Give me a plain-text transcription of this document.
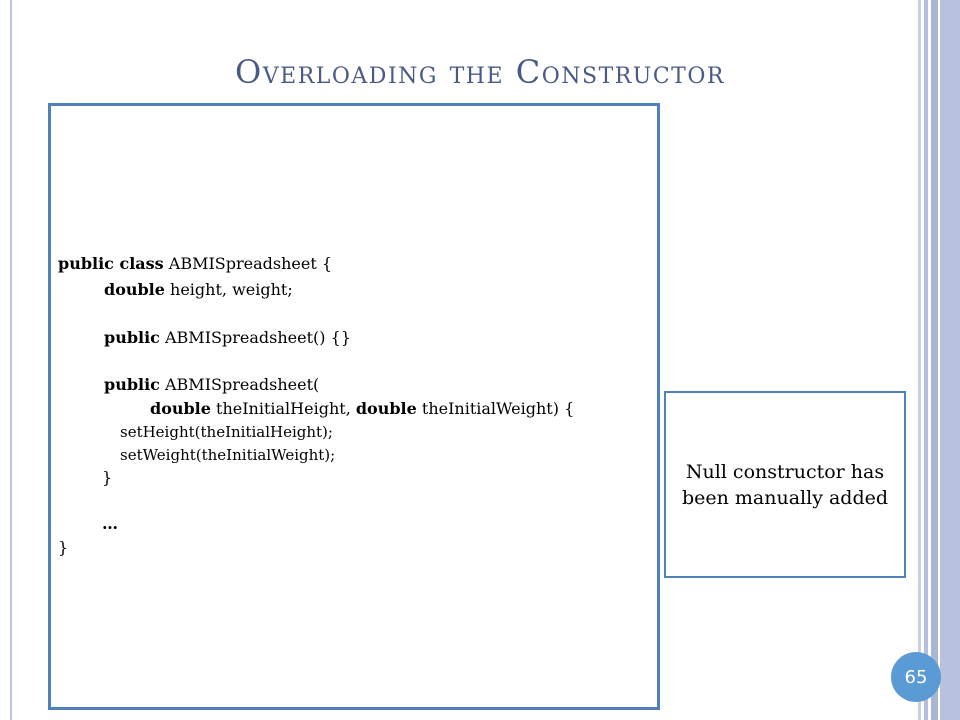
Overloading the Constructor
public class ABMISpreadsheet {
double height, weight;
public ABMISpreadsheet() {}
public ABMISpreadsheet(
double theInitialHeight, double theInitialWeight) {
setHeight(theInitialHeight);
setWeight(theInitialWeight);
}
…
}
Null constructor has been manually added
65
